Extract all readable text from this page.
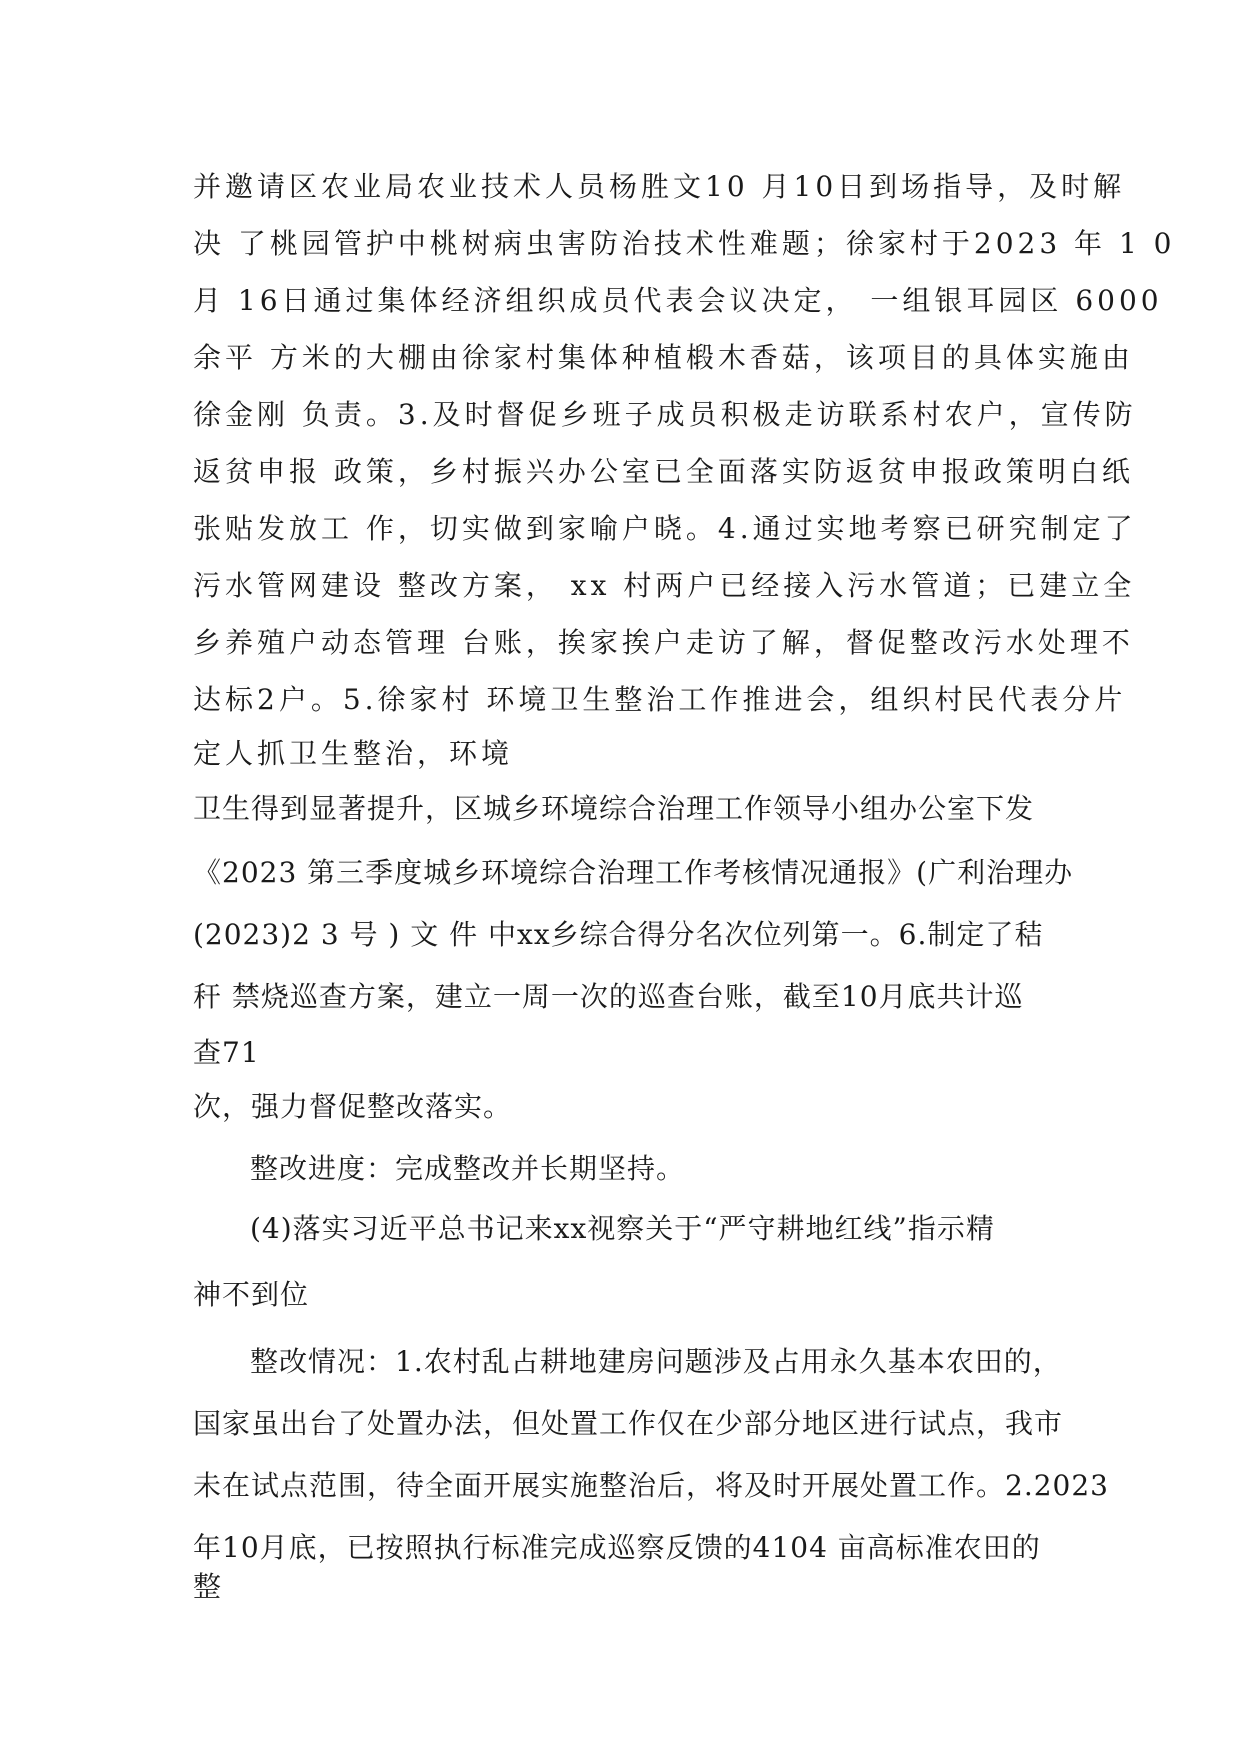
并邀请区农业局农业技术人员杨胜文10 月10日到场指导，及时解
决 了桃园管护中桃树病虫害防治技术性难题；徐家村于2023 年 1 0
月 16日通过集体经济组织成员代表会议决定， 一组银耳园区 6000
余平 方米的大棚由徐家村集体种植椴木香菇，该项目的具体实施由
徐金刚 负责。3.及时督促乡班子成员积极走访联系村农户，宣传防
返贫申报 政策，乡村振兴办公室已全面落实防返贫申报政策明白纸
张贴发放工 作，切实做到家喻户晓。4.通过实地考察已研究制定了
污水管网建设 整改方案， xx 村两户已经接入污水管道；已建立全
乡养殖户动态管理 台账，挨家挨户走访了解，督促整改污水处理不
达标2户。5.徐家村 环境卫生整治工作推进会，组织村民代表分片
定人抓卫生整治，环境
卫生得到显著提升，区城乡环境综合治理工作领导小组办公室下发
《2023 第三季度城乡环境综合治理工作考核情况通报》(广利治理办
(2023)2 3 号 ) 文 件 中xx乡综合得分名次位列第一。6.制定了秸
秆 禁烧巡查方案，建立一周一次的巡查台账，截至10月底共计巡
查71
次，强力督促整改落实。
整改进度：完成整改并长期坚持。
(4)落实习近平总书记来xx视察关于“严守耕地红线”指示精
神不到位
整改情况：1.农村乱占耕地建房问题涉及占用永久基本农田的，
国家虽出台了处置办法，但处置工作仅在少部分地区进行试点，我市
未在试点范围，待全面开展实施整治后，将及时开展处置工作。2.2023
年10月底，已按照执行标准完成巡察反馈的4104 亩高标准农田的
整
